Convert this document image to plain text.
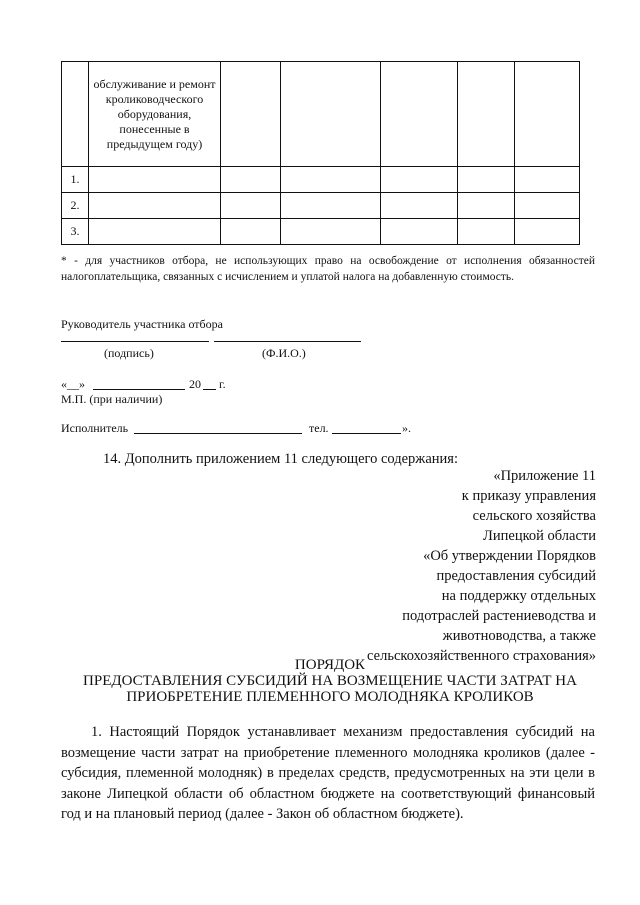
	обслуживание и ремонт кролиководческого оборудования, понесенные в предыдущем году)					
1.						
2.						
3.						
* - для участников отбора, не использующих право на освобождение от исполнения обязанностей налогоплательщика, связанных с исчислением и уплатой налога на добавленную стоимость.
Руководитель участника отбора
(подпись)	(Ф.И.О.)
«__»	20 г.
М.П. (при наличии)
Исполнитель	тел.	».
14. Дополнить приложением 11 следующего содержания:
«Приложение 11
к приказу управления
сельского хозяйства
Липецкой области
«Об утверждении Порядков
предоставления субсидий
на поддержку отдельных
подотраслей растениеводства и
животноводства, а также
сельскохозяйственного страхования»
ПОРЯДОК
ПРЕДОСТАВЛЕНИЯ СУБСИДИЙ НА ВОЗМЕЩЕНИЕ ЧАСТИ ЗАТРАТ НА
ПРИОБРЕТЕНИЕ ПЛЕМЕННОГО МОЛОДНЯКА КРОЛИКОВ
1. Настоящий Порядок устанавливает механизм предоставления субсидий на возмещение части затрат на приобретение племенного молодняка кроликов (далее - субсидия, племенной молодняк) в пределах средств, предусмотренных на эти цели в законе Липецкой области об областном бюджете на соответствующий финансовый год и на плановый период (далее - Закон об областном бюджете).
